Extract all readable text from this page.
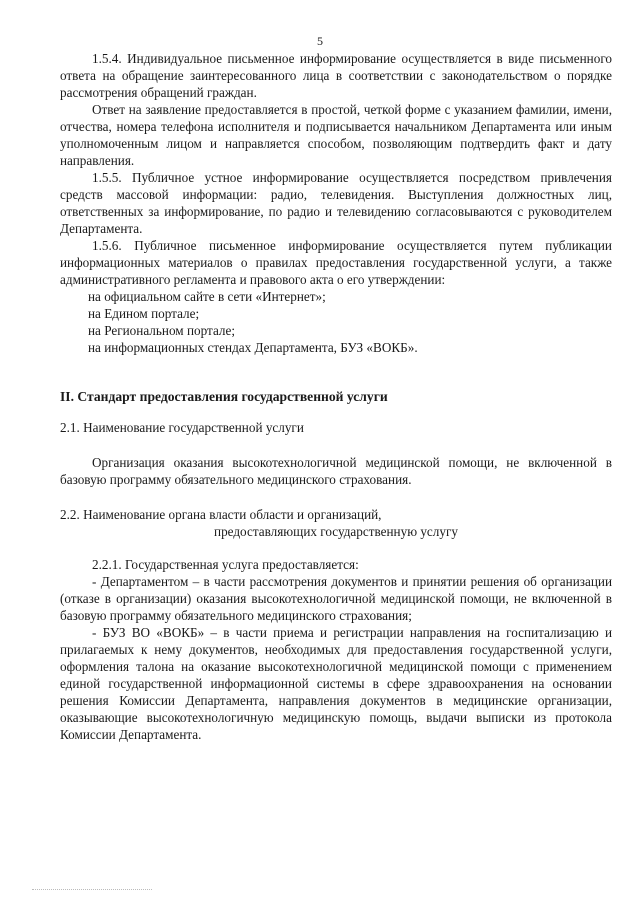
5

1.5.4. Индивидуальное письменное информирование осуществляется в виде письменного ответа на обращение заинтересованного лица в соответствии с законодательством о порядке рассмотрения обращений граждан.

Ответ на заявление предоставляется в простой, четкой форме с указанием фамилии, имени, отчества, номера телефона исполнителя и подписывается начальником Департамента или иным уполномоченным лицом и направляется способом, позволяющим подтвердить факт и дату направления.

1.5.5. Публичное устное информирование осуществляется посредством привлечения средств массовой информации: радио, телевидения. Выступления должностных лиц, ответственных за информирование, по радио и телевидению согласовываются с руководителем Департамента.

1.5.6. Публичное письменное информирование осуществляется путем публикации информационных материалов о правилах предоставления государственной услуги, а также административного регламента и правового акта о его утверждении:

на официальном сайте в сети «Интернет»;

на Едином портале;

на Региональном портале;

на информационных стендах Департамента, БУЗ «ВОКБ».

II. Стандарт предоставления государственной услуги

2.1. Наименование государственной услуги

Организация оказания высокотехнологичной медицинской помощи, не включенной в базовую программу обязательного медицинского страхования.

2.2. Наименование органа власти области и организаций,

предоставляющих государственную услугу

2.2.1. Государственная услуга предоставляется:

- Департаментом – в части рассмотрения документов и принятии решения об организации (отказе в организации) оказания высокотехнологичной медицинской помощи, не включенной в базовую программу обязательного медицинского страхования;

- БУЗ ВО «ВОКБ» – в части приема и регистрации направления на госпитализацию и прилагаемых к нему документов, необходимых для предоставления государственной услуги, оформления талона на оказание высокотехнологичной медицинской помощи с применением единой государственной информационной системы в сфере здравоохранения на основании решения Комиссии Департамента, направления документов в медицинские организации, оказывающие высокотехнологичную медицинскую помощь, выдачи выписки из протокола Комиссии Департамента.
